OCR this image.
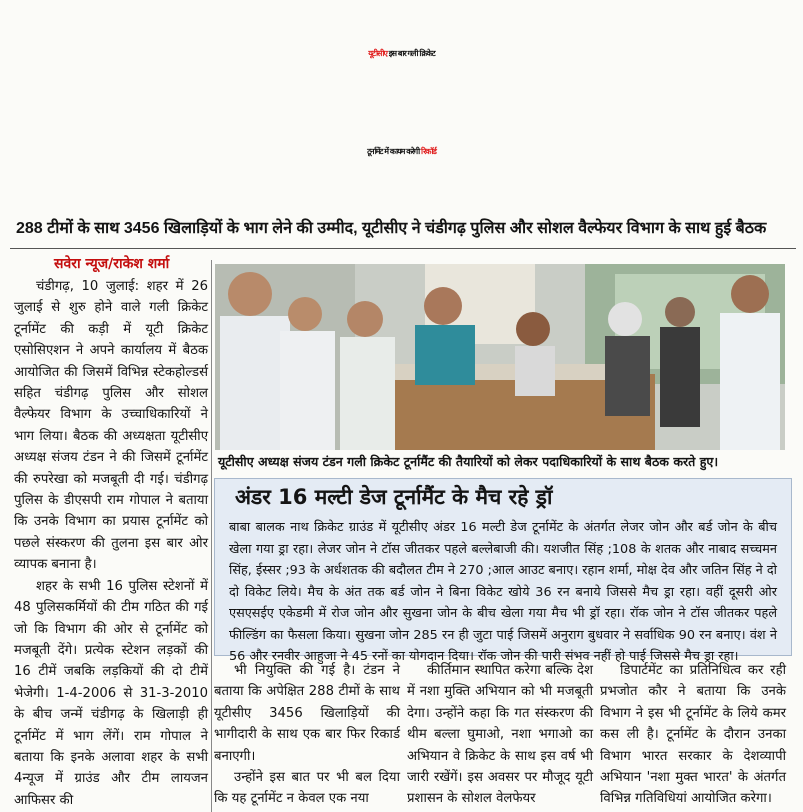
यूटीसीए इस बार गली क्रिकेट
टूर्नामेंट में कायम करेगी रिकॉर्ड
288 टीमों के साथ 3456 खिलाड़ियों के भाग लेने की उम्मीद, यूटीसीए ने चंडीगढ़ पुलिस और सोशल वैल्फेयर विभाग के साथ हुई बैठक
सवेरा न्यूज/राकेश शर्मा

चंडीगढ़, 10 जुलाई: शहर में 26 जुलाई से शुरु होने वाले गली क्रिकेट टूर्नामेंट की कड़ी में यूटी क्रिकेट एसोसिएशन ने अपने कार्यालय में बैठक आयोजित की जिसमें विभिन्न स्टेकहोल्डर्स सहित चंडीगढ़ पुलिस और सोशल वैल्फेयर विभाग के उच्चाधिकारियों ने भाग लिया। बैठक की अध्यक्षता यूटीसीए अध्यक्ष संजय टंडन ने की जिसमें टूर्नामेंट की रुपरेखा को मजबूती दी गई। चंडीगढ़ पुलिस के डीएसपी राम गोपाल ने बताया कि उनके विभाग का प्रयास टूर्नामेंट को पछले संस्करण की तुलना इस बार ओर व्यापक बनाना है।

शहर के सभी 16 पुलिस स्टेशनों में 48 पुलिसकर्मियों की टीम गठित की गई जो कि विभाग की ओर से टूर्नामेंट को मजबूती देंगे। प्रत्येक स्टेशन लड़कों की 16 टीमें जबकि लड़कियों की दो टीमें भेजेगी। 1-4-2006 से 31-3-2010 के बीच जन्में चंडीगढ़ के खिलाड़ी ही टूर्नामेंट में भाग लेंगें। राम गोपाल ने बताया कि इनके अलावा शहर के सभी 4न्यूज में ग्राउंड और टीम लायजन आफिसर की

यूटीसीए अध्यक्ष संजय टंडन गली क्रिकेट टूर्नामैंट की तैयारियों को लेकर पदाधिकारियों के साथ बैठक करते हुए।
अंडर 16 मल्टी डेज टूर्नामैंट के मैच रहे ड्रॉ
बाबा बालक नाथ क्रिकेट ग्राउंड में यूटीसीए अंडर 16 मल्टी डेज टूर्नामेंट के अंतर्गत लेजर जोन और बर्ड जोन के बीच खेला गया ड्रा रहा। लेजर जोन ने टॉस जीतकर पहले बल्लेबाजी की। यशजीत सिंह ;108 के शतक और नाबाद सच्चमन सिंह, ईस्सर ;93 के अर्धशतक की बदौलत टीम ने 270 ;आल आउट बनाए। रहान शर्मा, मोक्ष देव और जतिन सिंह ने दो दो विकेट लिये। मैच के अंत तक बर्ड जोन ने बिना विकेट खोये 36 रन बनाये जिससे मैच ड्रा रहा। वहीं दूसरी ओर एसएसईए एकेडमी में रोज जोन और सुखना जोन के बीच खेला गया मैच भी ड्रॉ रहा। रॉक जोन ने टॉस जीतकर पहले फील्डिंग का फैसला किया। सुखना जोन 285 रन ही जुटा पाई जिसमें अनुराग बुधवार ने सर्वाधिक 90 रन बनाए। वंश ने 56 और रनवीर आहुजा ने 45 रनों का योगदान दिया। रॉक जोन की पारी संभव नहीं हो पाई जिससे मैच ड्रा रहा।

भी नियुक्ति की गई है। टंडन ने बताया कि अपेक्षित 288 टीमों के साथ यूटीसीए 3456 खिलाड़ियों की भागीदारी के साथ एक बार फिर रिकार्ड बनाएगी।

उन्होंने इस बात पर भी बल दिया कि यह टूर्नामेंट न केवल एक नया

कीर्तिमान स्थापित करेगा बल्कि देश में नशा मुक्ति अभियान को भी मजबूती देगा। उन्होंने कहा कि गत संस्करण की थीम बल्ला घुमाओ, नशा भगाओ का अभियान वे क्रिकेट के साथ इस वर्ष भी जारी रखेंगें। इस अवसर पर मौजूद यूटी प्रशासन के सोशल वेलफेयर

डिपार्टमेंट का प्रतिनिधित्व कर रही प्रभजोत कौर ने बताया कि उनके विभाग ने इस भी टूर्नामेंट के लिये कमर कस ली है। टूर्नामेंट के दौरान उनका विभाग भारत सरकार के देशव्यापी अभियान 'नशा मुक्त भारत' के अंतर्गत विभिन्न गतिविधियां आयोजित करेगा।
